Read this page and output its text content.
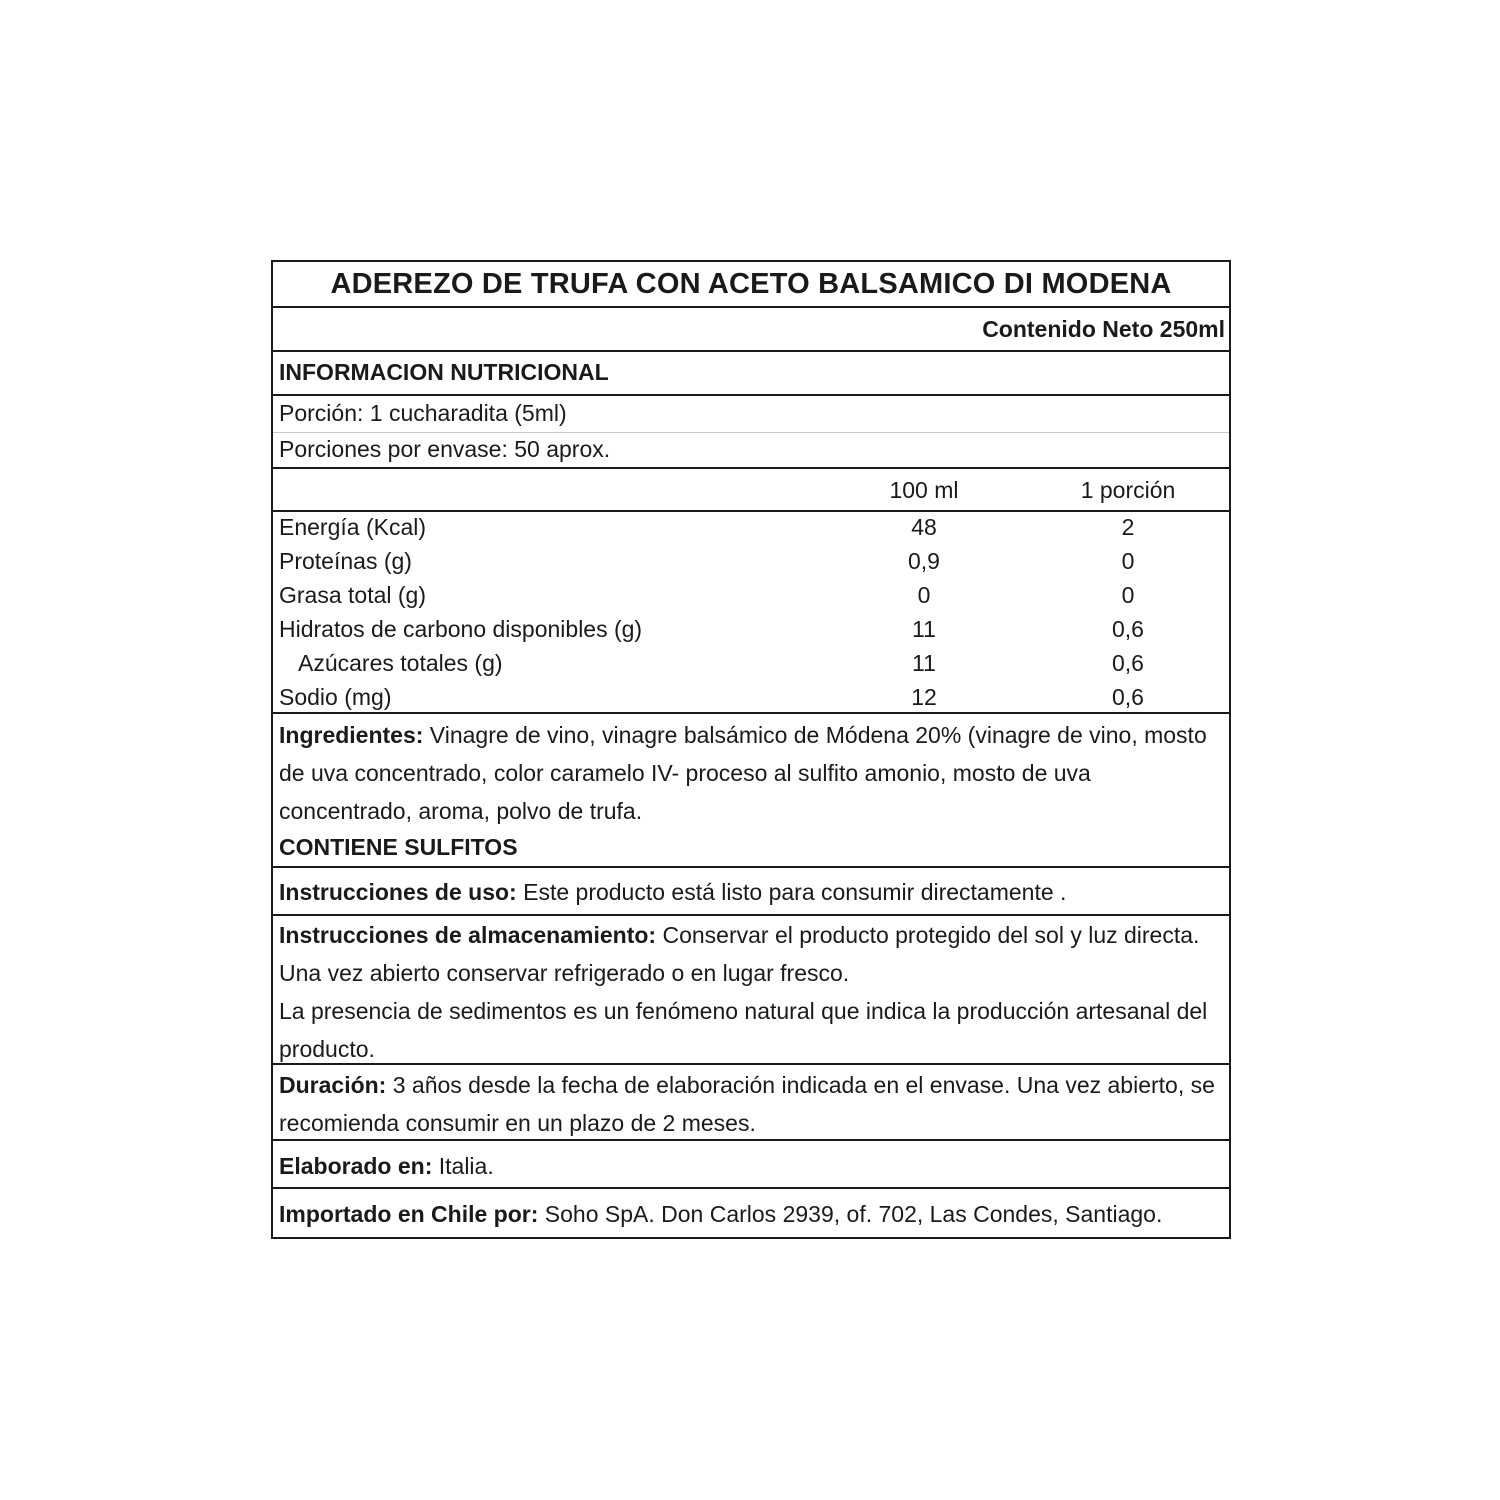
ADEREZO DE TRUFA CON ACETO BALSAMICO DI MODENA
Contenido Neto 250ml
INFORMACION NUTRICIONAL
Porción: 1 cucharadita (5ml)
Porciones por envase: 50 aprox.
100 ml	1 porción
Energía (Kcal)	48	2
Proteínas (g)	0,9	0
Grasa total (g)	0	0
Hidratos de carbono disponibles (g)	11	0,6
Azúcares totales (g)	11	0,6
Sodio (mg)	12	0,6
Ingredientes: Vinagre de vino, vinagre balsámico de Módena 20% (vinagre de vino, mosto de uva concentrado, color caramelo IV- proceso al sulfito amonio, mosto de uva concentrado, aroma, polvo de trufa.
CONTIENE SULFITOS
Instrucciones de uso: Este producto está listo para consumir directamente .
Instrucciones de almacenamiento: Conservar el producto protegido del sol y luz directa. Una vez abierto conservar refrigerado o en lugar fresco.
La presencia de sedimentos es un fenómeno natural que indica la producción artesanal del producto.
Duración: 3 años desde la fecha de elaboración indicada en el envase. Una vez abierto, se recomienda consumir en un plazo de 2 meses.
Elaborado en: Italia.
Importado en Chile por: Soho SpA. Don Carlos 2939, of. 702, Las Condes, Santiago.
